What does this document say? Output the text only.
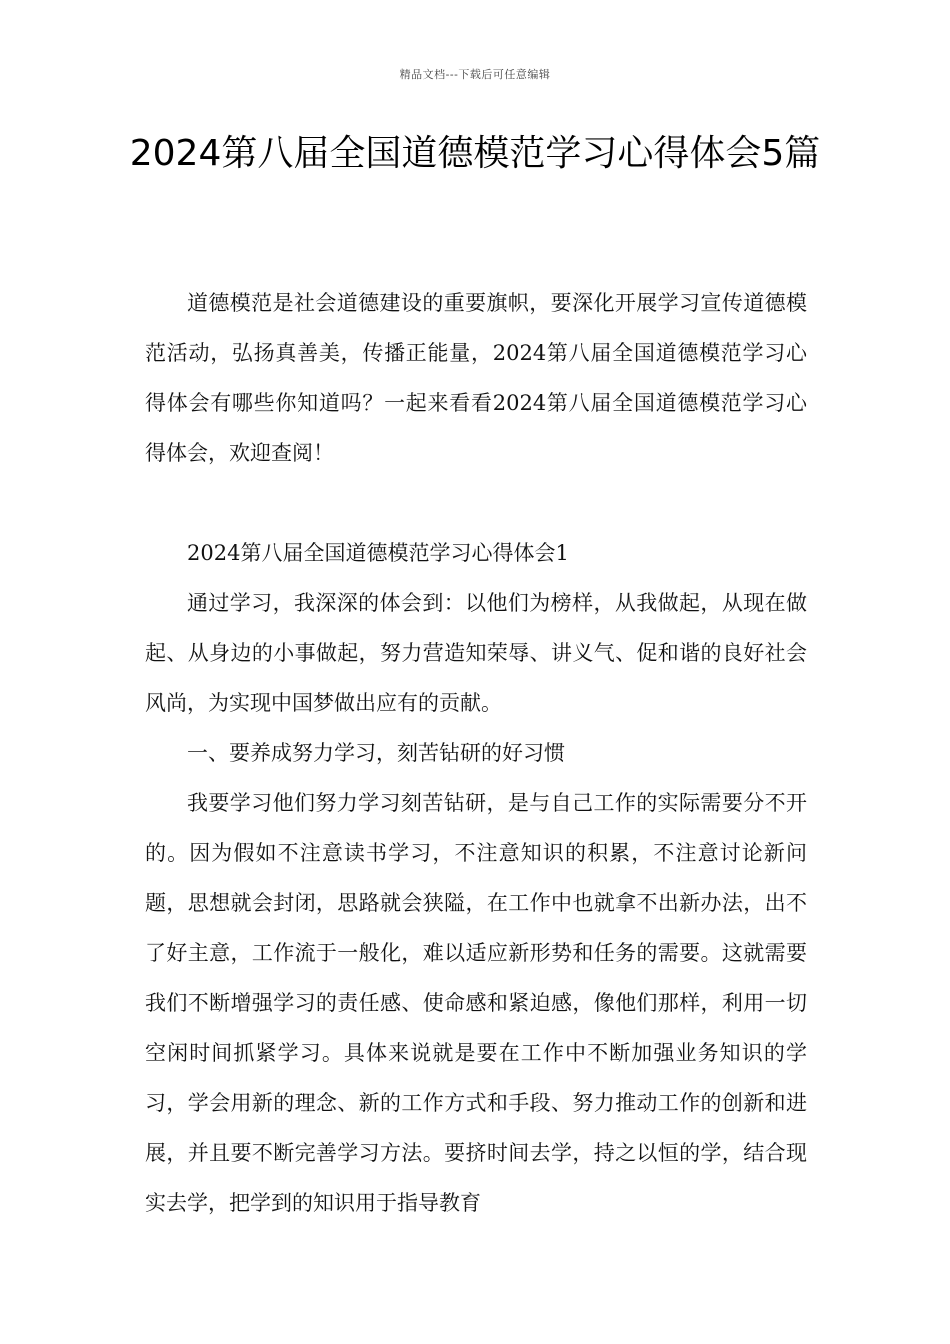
精品文档---下载后可任意编辑
2024第八届全国道德模范学习心得体会5篇

道德模范是社会道德建设的重要旗帜，要深化开展学习宣传道德模范活动，弘扬真善美，传播正能量，2024第八届全国道德模范学习心得体会有哪些你知道吗？一起来看看2024第八届全国道德模范学习心得体会，欢迎查阅！

2024第八届全国道德模范学习心得体会1

通过学习，我深深的体会到：以他们为榜样，从我做起，从现在做起、从身边的小事做起，努力营造知荣辱、讲义气、促和谐的良好社会风尚，为实现中国梦做出应有的贡献。

一、要养成努力学习，刻苦钻研的好习惯

我要学习他们努力学习刻苦钻研，是与自己工作的实际需要分不开的。因为假如不注意读书学习，不注意知识的积累，不注意讨论新问题，思想就会封闭，思路就会狭隘，在工作中也就拿不出新办法，出不了好主意，工作流于一般化，难以适应新形势和任务的需要。这就需要我们不断增强学习的责任感、使命感和紧迫感，像他们那样，利用一切空闲时间抓紧学习。具体来说就是要在工作中不断加强业务知识的学习，学会用新的理念、新的工作方式和手段、努力推动工作的创新和进展，并且要不断完善学习方法。要挤时间去学，持之以恒的学，结合现实去学，把学到的知识用于指导教育
